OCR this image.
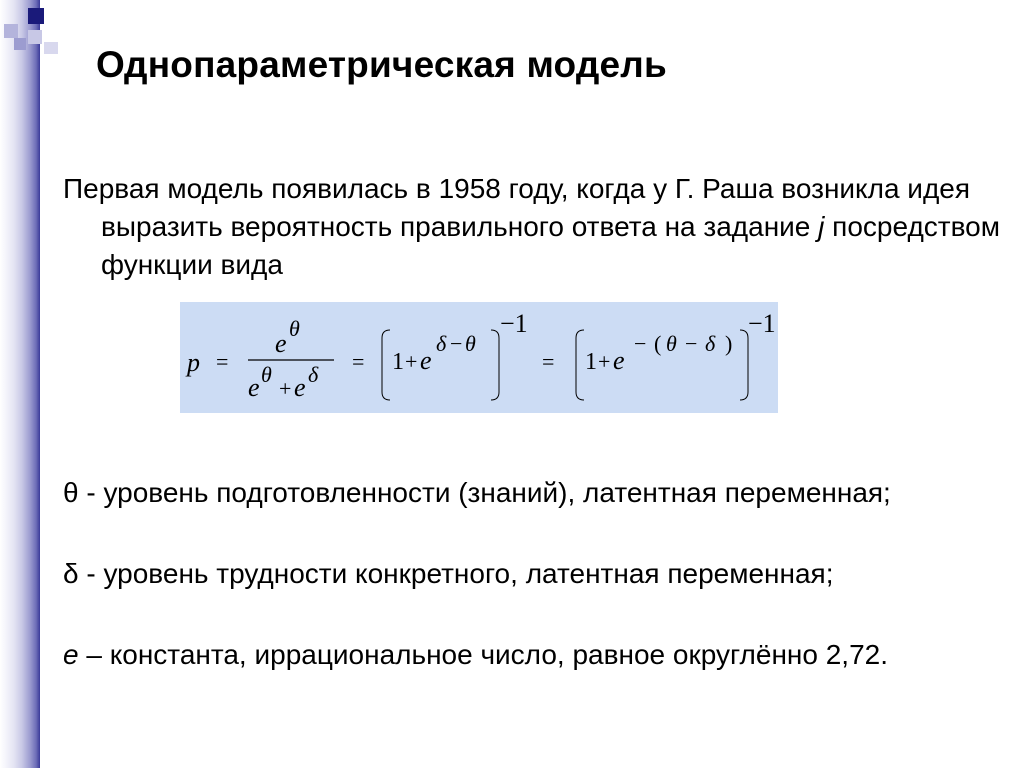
Однопараметрическая модель
Первая модель появилась в 1958 году, когда у Г. Раша возникла идея выразить вероятность правильного ответа на задание j посредством функции вида
p =
e
θ
e θ
+ e δ
= 1 + e
δ − θ
−1
= 1 + e
− ( θ − δ )
−1
θ - уровень подготовленности (знаний), латентная переменная;
δ - уровень трудности конкретного, латентная переменная;
e – константа, иррациональное число, равное округлённо 2,72.
